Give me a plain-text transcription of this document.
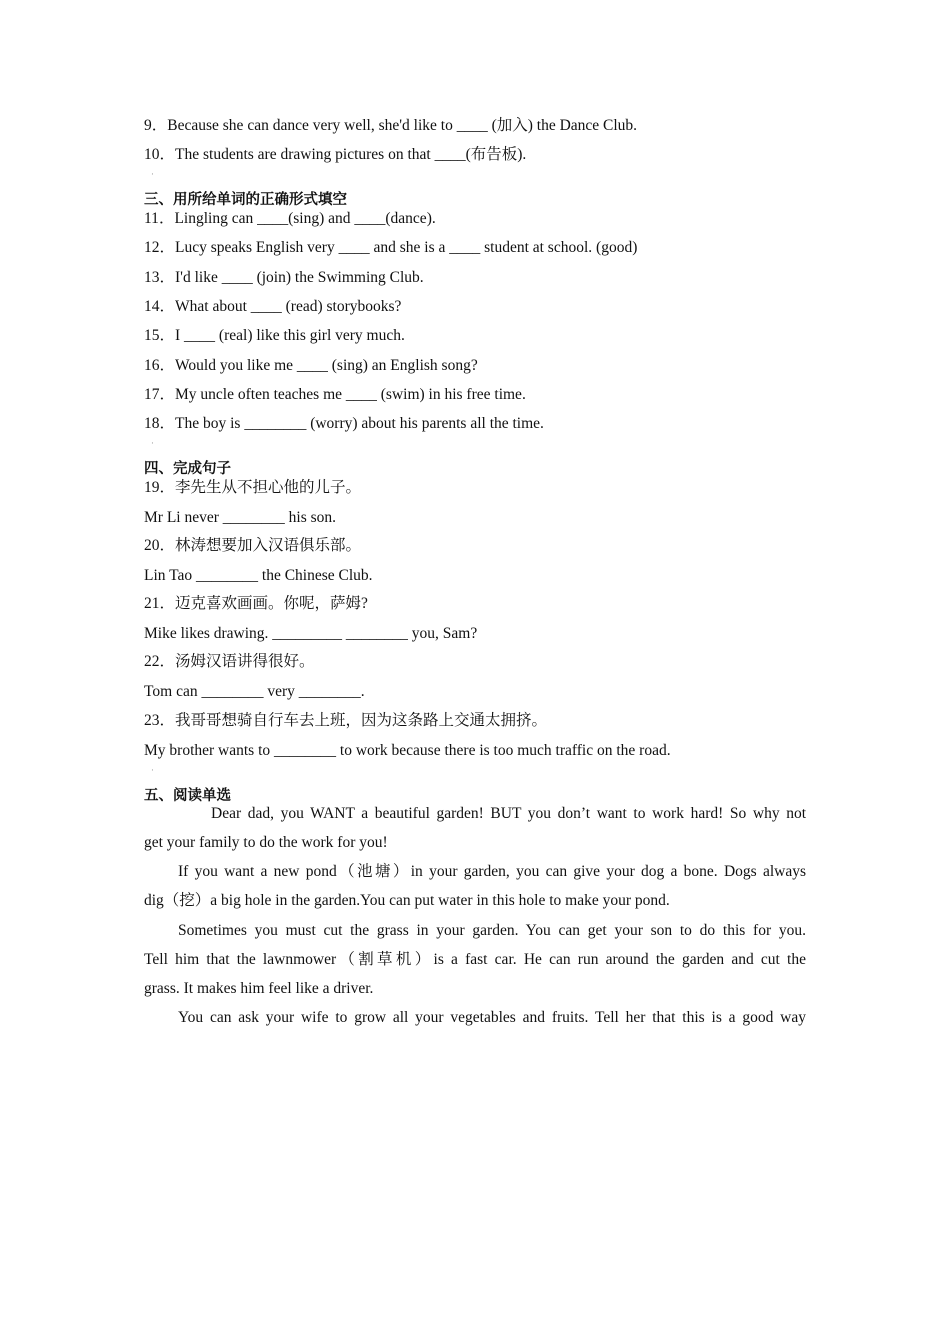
9．Because she can dance very well, she'd like to ____ (加入) the Dance Club.
10．The students are drawing pictures on that ____(布告板).
·
三、用所给单词的正确形式填空
11．Lingling can ____(sing) and ____(dance).
12．Lucy speaks English very ____ and she is a ____ student at school. (good)
13．I'd like ____ (join) the Swimming Club.
14．What about ____ (read) storybooks?
15．I ____ (real) like this girl very much.
16．Would you like me ____ (sing) an English song?
17．My uncle often teaches me ____ (swim) in his free time.
18．The boy is ________ (worry) about his parents all the time.
·
四、完成句子
19．李先生从不担心他的儿子。
Mr Li never ________ his son.
20．林涛想要加入汉语俱乐部。
Lin Tao ________ the Chinese Club.
21．迈克喜欢画画。你呢，萨姆?
Mike likes drawing. _________ ________ you, Sam?
22．汤姆汉语讲得很好。
Tom can ________ very ________.
23．我哥哥想骑自行车去上班，因为这条路上交通太拥挤。
My brother wants to ________ to work because there is too much traffic on the road.
·
五、阅读单选
Dear dad, you WANT a beautiful garden! BUT you don’t want to work hard! So why not
get your family to do the work for you!
If you want a new pond（池塘）in your garden, you can give your dog a bone. Dogs always
dig（挖）a big hole in the garden.You can put water in this hole to make your pond.
Sometimes you must cut the grass in your garden. You can get your son to do this for you.
Tell him that the lawnmower（割草机）is a fast car. He can run around the garden and cut the
grass. It makes him feel like a driver.
You can ask your wife to grow all your vegetables and fruits. Tell her that this is a good way
